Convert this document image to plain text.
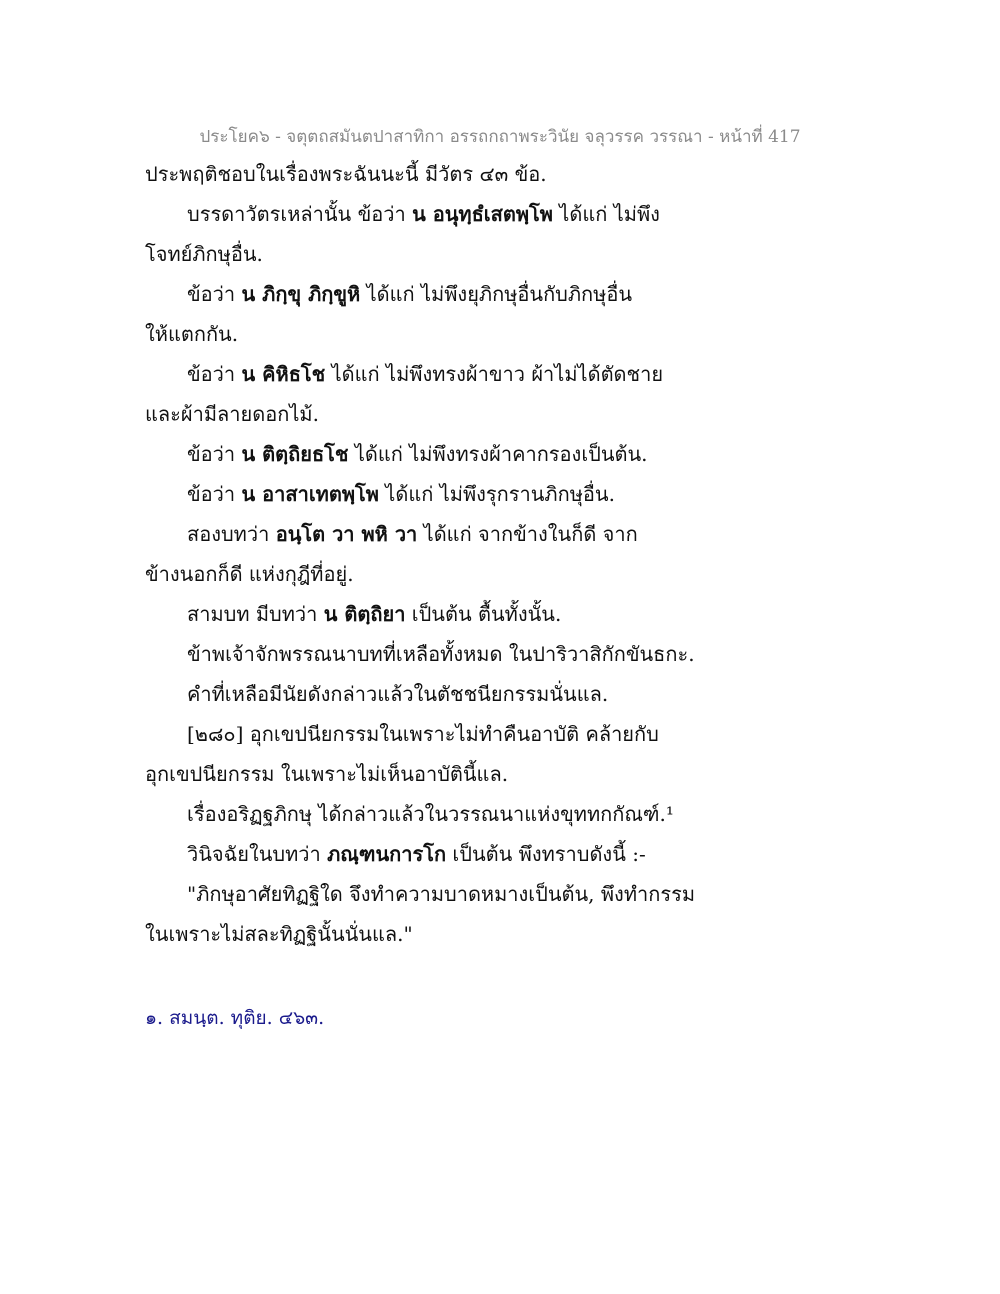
ประโยค๖ - จตุตถสมันตปาสาทิกา อรรถกถาพระวินัย จลุวรรค วรรณา - หน้าที่ 417
ประพฤติชอบในเรื่องพระฉันนะนี้ มีวัตร ๔๓ ข้อ.
บรรดาวัตรเหล่านั้น ข้อว่า น อนุทฺธํเสตพฺโพ ได้แก่ ไม่พึง
โจทย์ภิกษุอื่น.
ข้อว่า น ภิกฺขุ ภิกฺขูหิ ได้แก่ ไม่พึงยุภิกษุอื่นกับภิกษุอื่น
ให้แตกกัน.
ข้อว่า น คิหิธโช ได้แก่ ไม่พึงทรงผ้าขาว ผ้าไม่ได้ตัดชาย
และผ้ามีลายดอกไม้.
ข้อว่า น ติตฺถิยธโช ได้แก่ ไม่พึงทรงผ้าคากรองเป็นต้น.
ข้อว่า น อาสาเทตพฺโพ ได้แก่ ไม่พึงรุกรานภิกษุอื่น.
สองบทว่า อนฺโต วา พหิ วา ได้แก่ จากข้างในก็ดี จาก
ข้างนอกก็ดี แห่งกุฎีที่อยู่.
สามบท มีบทว่า น ติตฺถิยา เป็นต้น ตื้นทั้งนั้น.
ข้าพเจ้าจักพรรณนาบทที่เหลือทั้งหมด ในปาริวาสิกักขันธกะ.
คำที่เหลือมีนัยดังกล่าวแล้วในตัชชนียกรรมนั่นแล.
[๒๘๐] อุกเขปนียกรรมในเพราะไม่ทำคืนอาบัติ คล้ายกับ
อุกเขปนียกรรม ในเพราะไม่เห็นอาบัตินี้แล.
เรื่องอริฏฐภิกษุ ได้กล่าวแล้วในวรรณนาแห่งขุททกกัณฑ์.¹
วินิจฉัยในบทว่า ภณฺฑนการโก เป็นต้น พึงทราบดังนี้ :-
"ภิกษุอาศัยทิฏฐิใด จึงทำความบาดหมางเป็นต้น, พึงทำกรรม
ในเพราะไม่สละทิฏฐินั้นนั่นแล."
๑. สมนฺต. ทุติย. ๔๖๓.
